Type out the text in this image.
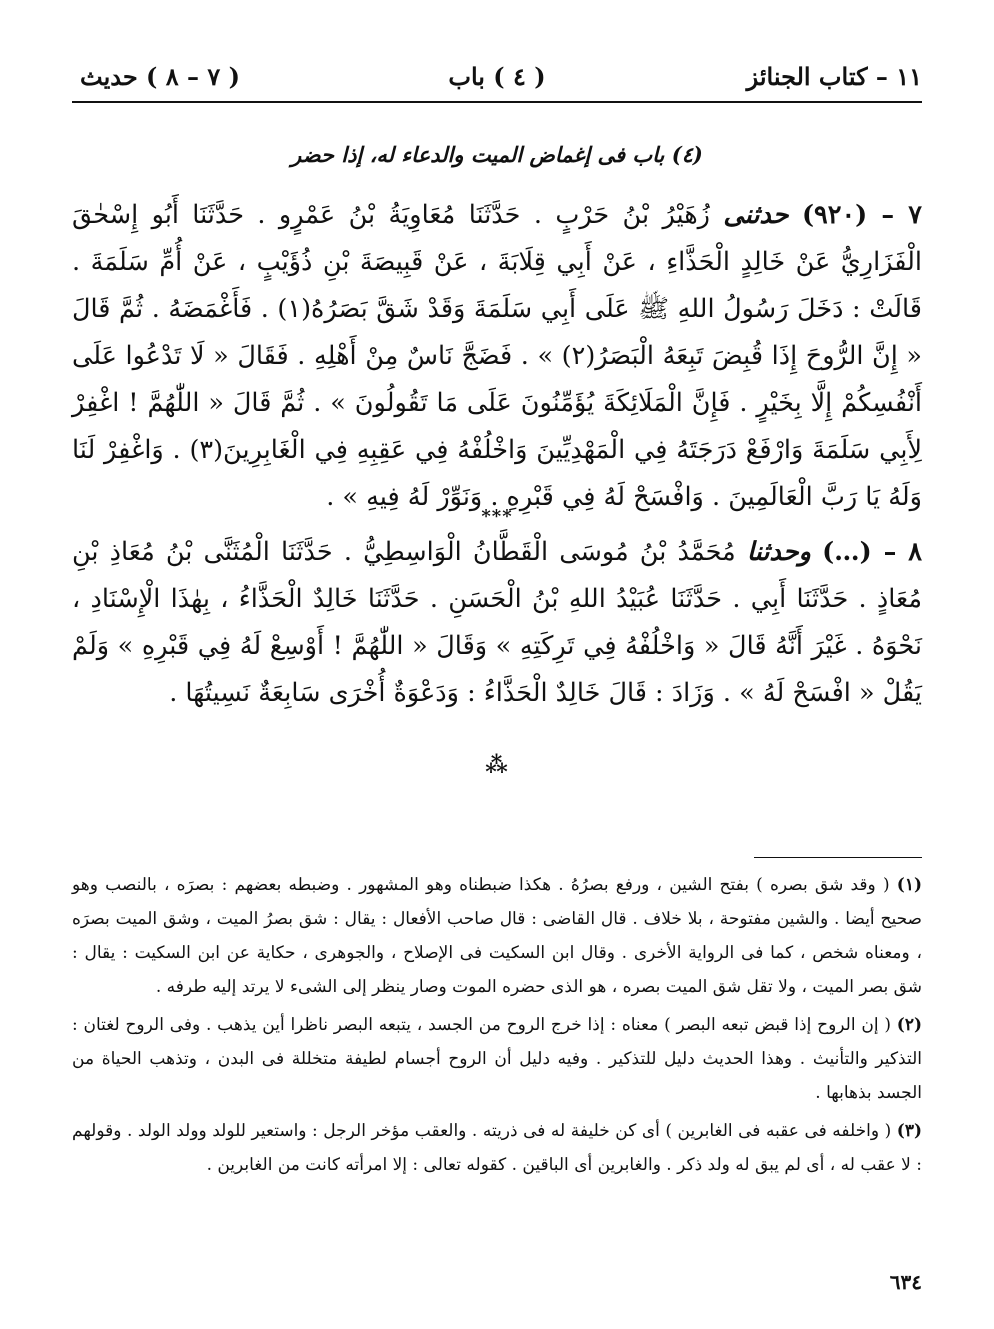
١١ – كتاب الجنائز
( ٤ ) باب
( ٧ – ٨ ) حديث
(٤) باب فى إغماض الميت والدعاء له، إذا حضر
٧ – (٩٢٠) حدثنى زُهَيْرُ بْنُ حَرْبٍ . حَدَّثَنَا مُعَاوِيَةُ بْنُ عَمْرٍو . حَدَّثَنَا أَبُو إِسْحٰقَ الْفَزَارِيُّ عَنْ خَالِدٍ الْحَذَّاءِ ، عَنْ أَبِي قِلَابَةَ ، عَنْ قَبِيصَةَ بْنِ ذُؤَيْبٍ ، عَنْ أُمِّ سَلَمَةَ . قَالَتْ : دَخَلَ رَسُولُ اللهِ ﷺ عَلَى أَبِي سَلَمَةَ وَقَدْ شَقَّ بَصَرُهُ(١) . فَأَغْمَضَهُ . ثُمَّ قَالَ « إِنَّ الرُّوحَ إِذَا قُبِضَ تَبِعَهُ الْبَصَرُ(٢) » . فَضَجَّ نَاسٌ مِنْ أَهْلِهِ . فَقَالَ « لَا تَدْعُوا عَلَى أَنْفُسِكُمْ إِلَّا بِخَيْرٍ . فَإِنَّ الْمَلَائِكَةَ يُؤَمِّنُونَ عَلَى مَا تَقُولُونَ » . ثُمَّ قَالَ « اللّٰهُمَّ ! اغْفِرْ لِأَبِي سَلَمَةَ وَارْفَعْ دَرَجَتَهُ فِي الْمَهْدِيِّينَ وَاخْلُفْهُ فِي عَقِبِهِ فِي الْغَابِرِينَ(٣) . وَاغْفِرْ لَنَا وَلَهُ يَا رَبَّ الْعَالَمِينَ . وَافْسَحْ لَهُ فِي قَبْرِهِ . وَنَوِّرْ لَهُ فِيهِ » .
***
٨ – (…) وحدثنا مُحَمَّدُ بْنُ مُوسَى الْقَطَّانُ الْوَاسِطِيُّ . حَدَّثَنَا الْمُثَنَّى بْنُ مُعَاذِ بْنِ مُعَاذٍ . حَدَّثَنَا أَبِي . حَدَّثَنَا عُبَيْدُ اللهِ بْنُ الْحَسَنِ . حَدَّثَنَا خَالِدٌ الْحَذَّاءُ ، بِهٰذَا الْإِسْنَادِ ، نَحْوَهُ . غَيْرَ أَنَّهُ قَالَ « وَاخْلُفْهُ فِي تَرِكَتِهِ » وَقَالَ « اللّٰهُمَّ ! أَوْسِعْ لَهُ فِي قَبْرِهِ » وَلَمْ يَقُلْ « افْسَحْ لَهُ » . وَزَادَ : قَالَ خَالِدٌ الْحَذَّاءُ : وَدَعْوَةٌ أُخْرَى سَابِعَةٌ نَسِيتُهَا .
⁂

(١) ( وقد شق بصره ) بفتح الشين ، ورفع بصرُهُ . هكذا ضبطناه وهو المشهور . وضبطه بعضهم : بصرَه ، بالنصب وهو صحيح أيضا . والشين مفتوحة ، بلا خلاف . قال القاضى : قال صاحب الأفعال : يقال : شق بصرُ الميت ، وشق الميت بصرَه ، ومعناه شخص ، كما فى الرواية الأخرى . وقال ابن السكيت فى الإصلاح ، والجوهرى ، حكاية عن ابن السكيت : يقال : شق بصر الميت ، ولا تقل شق الميت بصره ، هو الذى حضره الموت وصار ينظر إلى الشىء لا يرتد إليه طرفه .

(٢) ( إن الروح إذا قبض تبعه البصر ) معناه : إذا خرج الروح من الجسد ، يتبعه البصر ناظرا أين يذهب . وفى الروح لغتان : التذكير والتأنيث . وهذا الحديث دليل للتذكير . وفيه دليل أن الروح أجسام لطيفة متخللة فى البدن ، وتذهب الحياة من الجسد بذهابها .

(٣) ( واخلفه فى عقبه فى الغابرين ) أى كن خليفة له فى ذريته . والعقب مؤخر الرجل : واستعير للولد وولد الولد . وقولهم : لا عقب له ، أى لم يبق له ولد ذكر . والغابرين أى الباقين . كقوله تعالى : إلا امرأته كانت من الغابرين .

٦٣٤
